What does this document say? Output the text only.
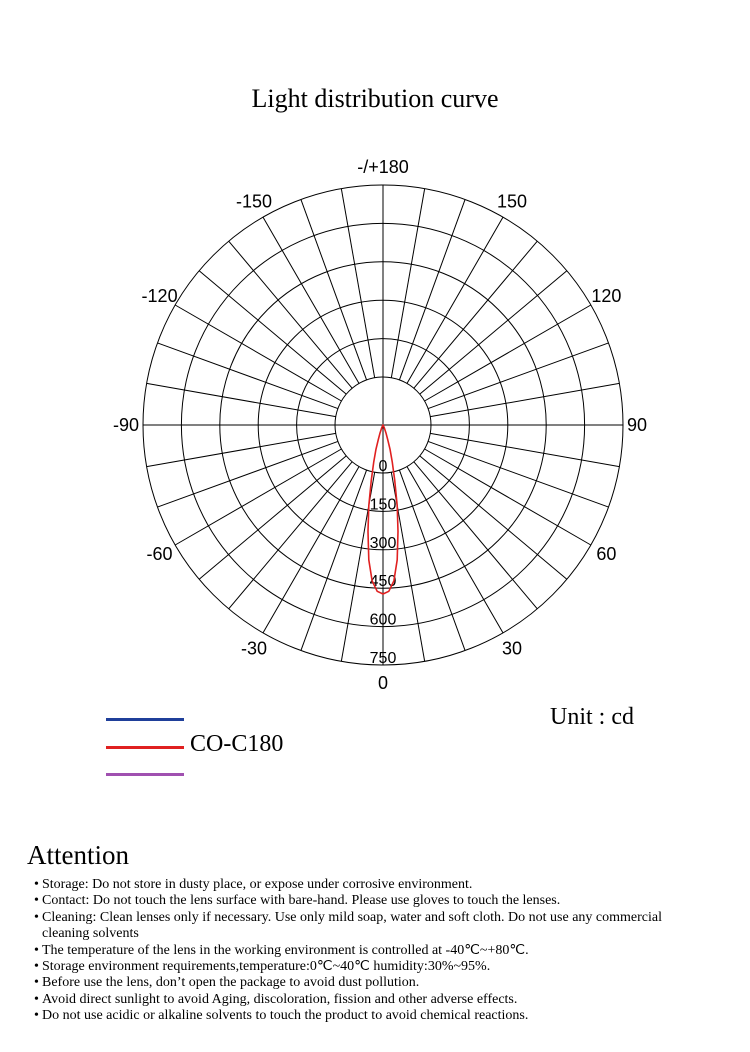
Light distribution curve
-/+180
150
120
90
60
30
0
-30
-60
-90
-120
-150
0
150
300
450
600
750
CO-C180
Unit : cd
Attention
• Storage: Do not store in dusty place, or expose under corrosive environment.
• Contact: Do not touch the lens surface with bare-hand. Please use gloves to touch the lenses.
• Cleaning: Clean lenses only if necessary. Use only mild soap, water and soft cloth. Do not use any commercial
cleaning solvents
• The temperature of the lens in the working environment is controlled at -40℃~+80℃.
• Storage environment requirements,temperature:0℃~40℃ humidity:30%~95%.
• Before use the lens, don’t open the package to avoid dust pollution.
• Avoid direct sunlight to avoid Aging, discoloration, fission and other adverse effects.
• Do not use acidic or alkaline solvents to touch the product to avoid chemical reactions.
